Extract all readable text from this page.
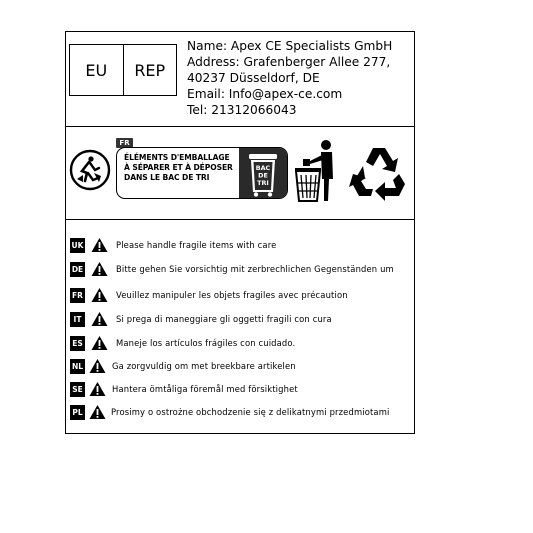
EU	REP
Name: Apex CE Specialists GmbH
Address: Grafenberger Allee 277,
40237 Düsseldorf, DE
Email: Info@apex-ce.com
Tel: 21312066043
FR
ÉLÉMENTS D'EMBALLAGE
À SÉPARER ET À DÉPOSER
DANS LE BAC DE TRI
BAC
DE
TRI
UK	Please handle fragile items with care
DE	Bitte gehen Sie vorsichtig mit zerbrechlichen Gegenständen um
FR	Veuillez manipuler les objets fragiles avec précaution
IT	Si prega di maneggiare gli oggetti fragili con cura
ES	Maneje los artículos frágiles con cuidado.
NL	Ga zorgvuldig om met breekbare artikelen
SE	Hantera ömtåliga föremål med försiktighet
PL	Prosimy o ostrożne obchodzenie się z delikatnymi przedmiotami
